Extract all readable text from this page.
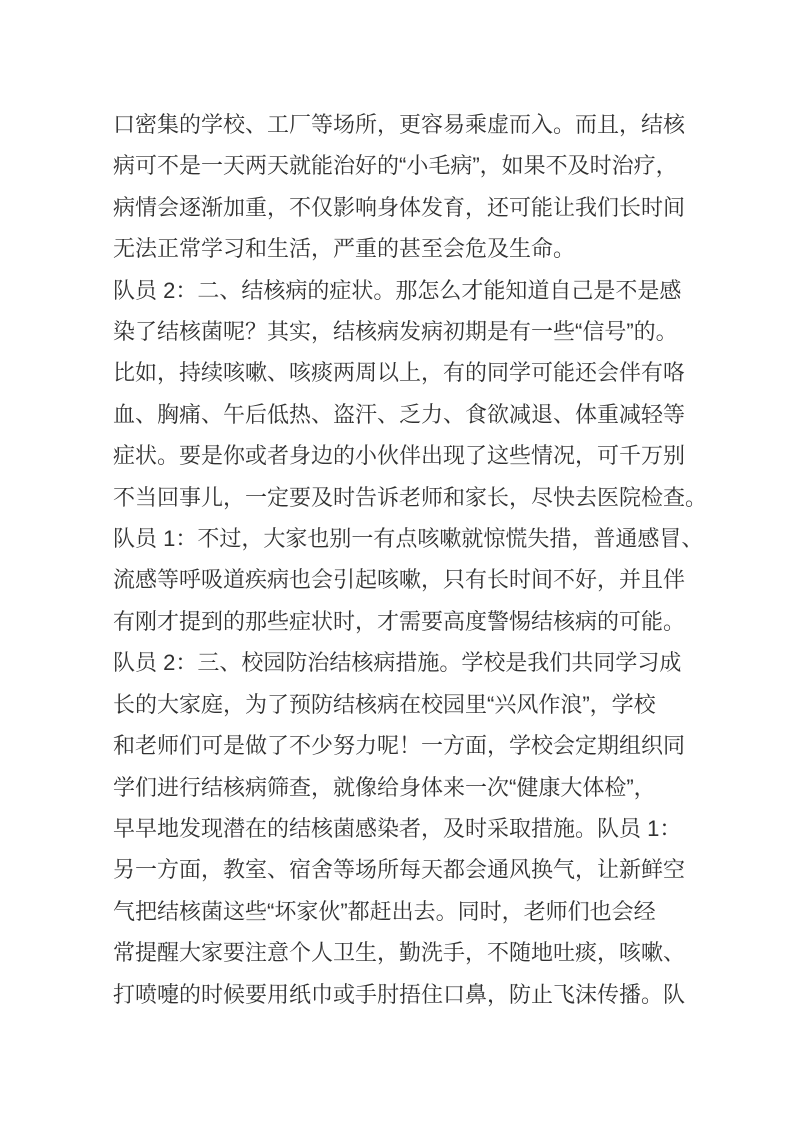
口密集的学校、工厂等场所，更容易乘虚而入。而且，结核
病可不是一天两天就能治好的“小毛病”，如果不及时治疗，
病情会逐渐加重，不仅影响身体发育，还可能让我们长时间
无法正常学习和生活，严重的甚至会危及生命。
队员 2：二、结核病的症状。那怎么才能知道自己是不是感
染了结核菌呢？其实，结核病发病初期是有一些“信号”的。
比如，持续咳嗽、咳痰两周以上，有的同学可能还会伴有咯
血、胸痛、午后低热、盗汗、乏力、食欲减退、体重减轻等
症状。要是你或者身边的小伙伴出现了这些情况，可千万别
不当回事儿，一定要及时告诉老师和家长，尽快去医院检查。
队员 1：不过，大家也别一有点咳嗽就惊慌失措，普通感冒、
流感等呼吸道疾病也会引起咳嗽，只有长时间不好，并且伴
有刚才提到的那些症状时，才需要高度警惕结核病的可能。
队员 2：三、校园防治结核病措施。学校是我们共同学习成
长的大家庭，为了预防结核病在校园里“兴风作浪”，学校
和老师们可是做了不少努力呢！一方面，学校会定期组织同
学们进行结核病筛查，就像给身体来一次“健康大体检”，
早早地发现潜在的结核菌感染者，及时采取措施。队员 1：
另一方面，教室、宿舍等场所每天都会通风换气，让新鲜空
气把结核菌这些“坏家伙”都赶出去。同时，老师们也会经
常提醒大家要注意个人卫生，勤洗手，不随地吐痰，咳嗽、
打喷嚏的时候要用纸巾或手肘捂住口鼻，防止飞沫传播。队
